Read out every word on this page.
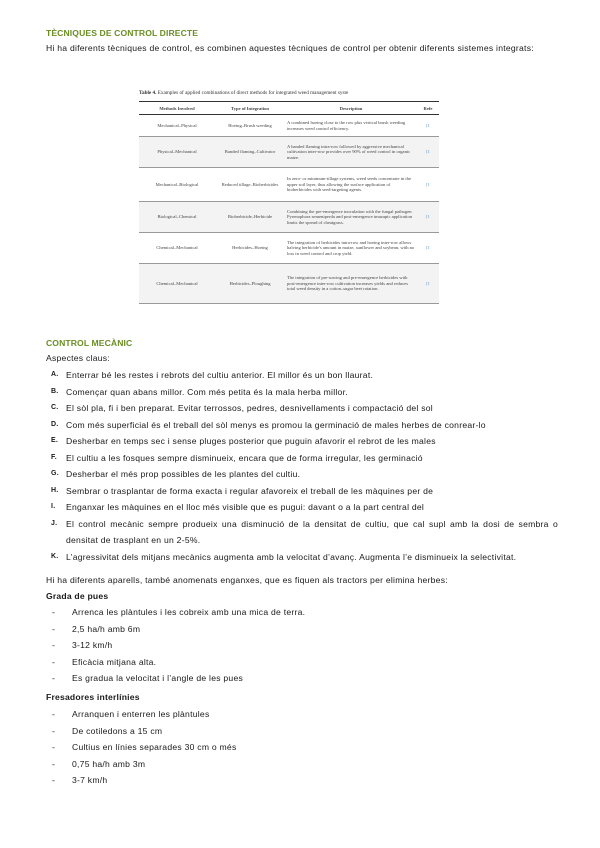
TÈCNIQUES DE CONTROL DIRECTE

Hi ha diferents tècniques de control, es combinen aquestes tècniques de control per obtenir diferents sistemes integrats:

Table 4. Examples of applied combinations of direct methods for integrated weed management syste
Methods Involved	Type of Integration	Description	Refe
Mechanical–Physical	Hoeing–Brush weeding	A combined hoeing close to the row plus vertical brush weeding increases weed control efficiency.	[1
Physical–Mechanical	Banded flaming–Cultivator	A banded flaming intra-row followed by aggressive mechanical cultivation inter-row provides over 90% of weed control in organic maize.	[1
Mechanical–Biological	Reduced tillage–Bioherbicides	In zero- or minimum-tillage systems, weed seeds concentrate in the upper soil layer, thus allowing the surface application of bioherbicides with seed-targeting agents.	[1
Biological–Chemical	Bioherbicide–Herbicide	Combining the pre-emergence inoculation with the fungal pathogen Pyrenophora semeniperda and post-emergence imazapic application limits the spread of cheatgrass.	[1
Chemical–Mechanical	Herbicides–Hoeing	The integration of herbicides intra-row and hoeing inter-row allows halving herbicide's amount in maize, sunflower and soybean, with no loss in weed control and crop yield.	[1
Chemical–Mechanical	Herbicides–Ploughing	The integration of pre-sowing and pre-emergence herbicides with post-emergence inter-row cultivation increases yields and reduces total weed density in a cotton–sugar beet rotation.	[1
CONTROL MECÀNIC

Aspectes claus:

A. Enterrar bé les restes i rebrots del cultiu anterior. El millor és un bon llaurat.
B. Començar quan abans millor. Com més petita és la mala herba millor.
C. El sòl pla, fi i ben preparat. Evitar terrossos, pedres, desnivellaments i compactació del sol
D. Com més superficial és el treball del sòl menys es promou la germinació de males herbes de conrear-lo
E. Desherbar en temps sec i sense pluges posterior que puguin afavorir el rebrot de les males
F. El cultiu a les fosques sempre disminueix, encara que de forma irregular, les germinació
G. Desherbar el més prop possibles de les plantes del cultiu.
H. Sembrar o trasplantar de forma exacta i regular afavoreix el treball de les màquines per de
I. Enganxar les màquines en el lloc més visible que es pugui: davant o a la part central del
J. El control mecànic sempre produeix una disminució de la densitat de cultiu, que cal supl amb la dosi de sembra o densitat de trasplant en un 2-5%.
K. L’agressivitat dels mitjans mecànics augmenta amb la velocitat d’avanç. Augmenta l’e disminueix la selectivitat.

Hi ha diferents aparells, també anomenats enganxes, que es fiquen als tractors per elimina herbes:

Grada de pues
- Arrenca les plàntules i les cobreix amb una mica de terra.
- 2,5 ha/h amb 6m
- 3-12 km/h
- Eficàcia mitjana alta.
- Es gradua la velocitat i l’angle de les pues
Fresadores interlínies
- Arranquen i enterren les plàntules
- De cotiledons a 15 cm
- Cultius en línies separades 30 cm o més
- 0,75 ha/h amb 3m
- 3-7 km/h
